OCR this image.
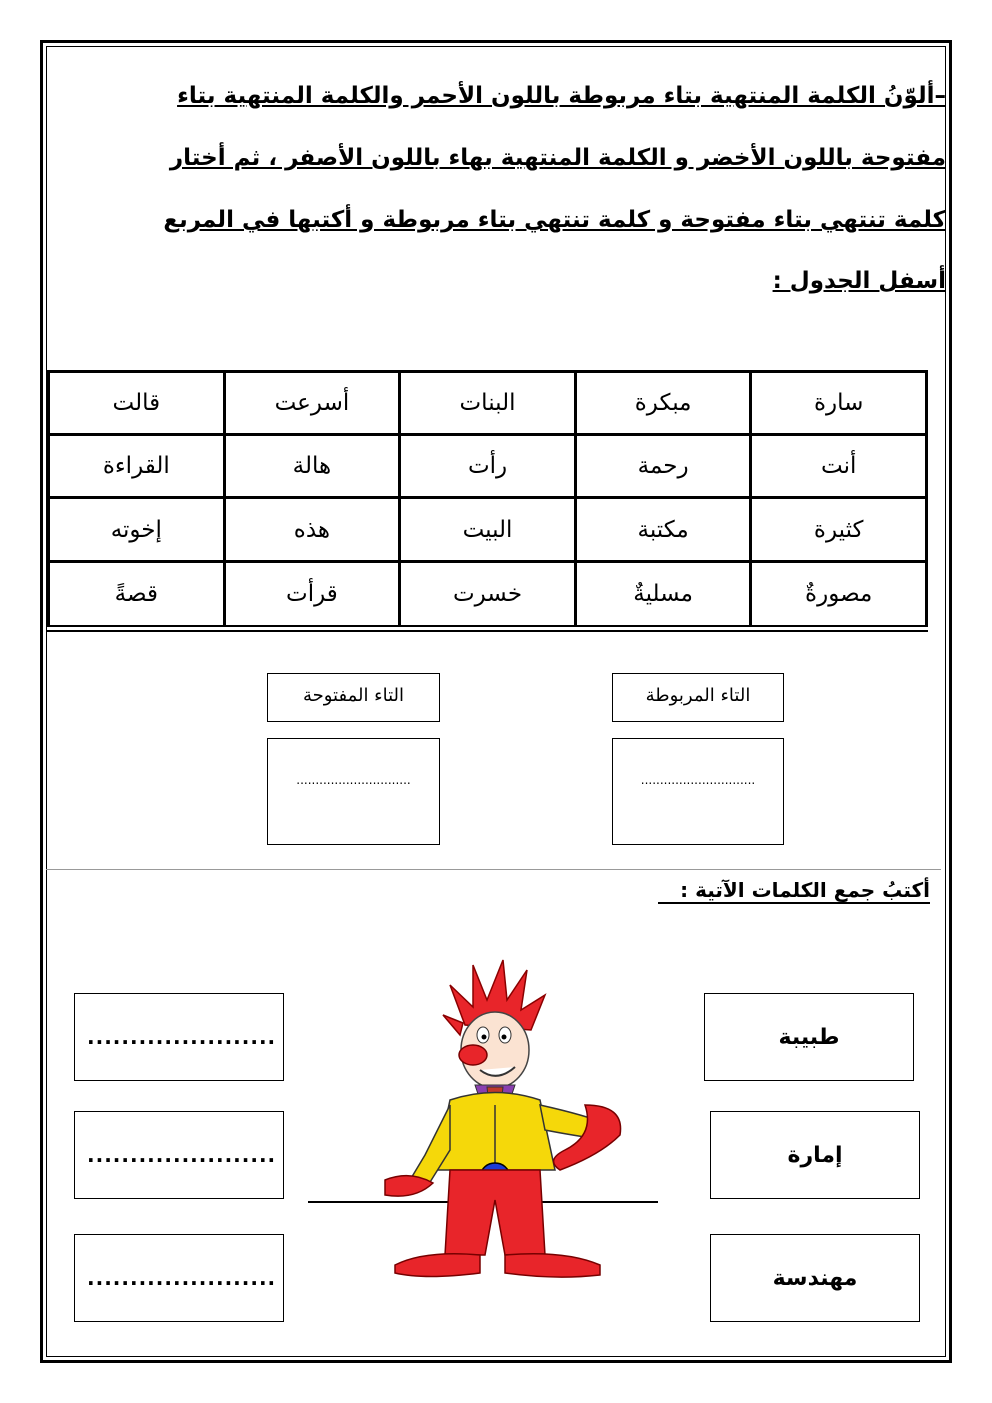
–ألوّنُ الكلمة المنتهية بتاء مربوطة باللون الأحمر والكلمة المنتهية بتاء
مفتوحة باللون الأخضر و الكلمة المنتهية بهاء باللون الأصفر ، ثم أختار
كلمة تنتهي بتاء مفتوحة و كلمة تنتهي بتاء مربوطة و أكتبها في المربع
أسفل الجدول :
سارة	مبكرة	البنات	أسرعت	قالت
أنت	رحمة	رأت	هالة	القراءة
كثيرة	مكتبة	البيت	هذه	إخوته
مصورةٌ	مسليةٌ	خسرت	قرأت	قصةً
التاء المفتوحة	التاء المربوطة
..............................	..............................
أكتبُ جمع الكلمات الآتية :
طبيبة
إمارة
مهندسة
......................
......................
......................
